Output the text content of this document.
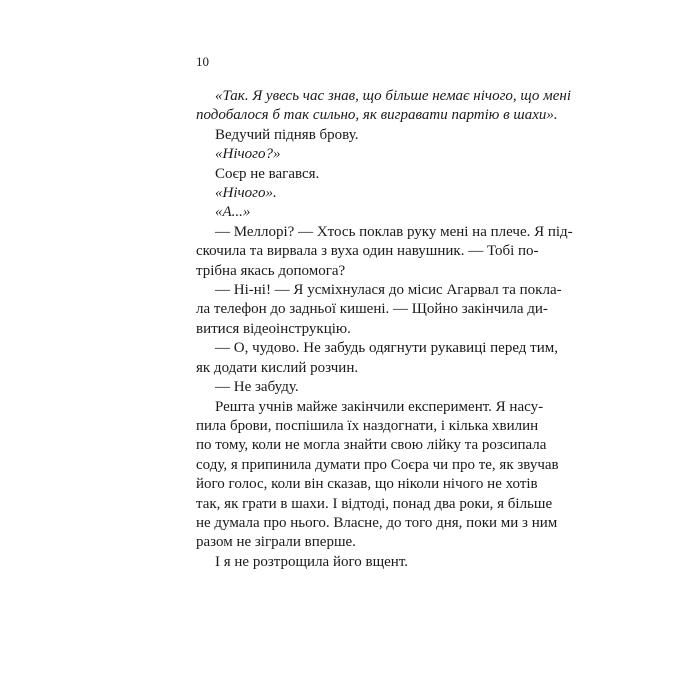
10
«Так. Я увесь час знав, що більше немає нічого, що мені
подобалося б так сильно, як вигравати партію в шахи».
Ведучий підняв брову.
«Нічого?»
Соєр не вагався.
«Нічого».
«А...»
— Меллорі? — Хтось поклав руку мені на плече. Я під-
скочила та вирвала з вуха один навушник. — Тобі по-
трібна якась допомога?
— Ні-ні! — Я усміхнулася до місис Агарвал та покла-
ла телефон до задньої кишені. — Щойно закінчила ди-
витися відеоінструкцію.
— О, чудово. Не забудь одягнути рукавиці перед тим,
як додати кислий розчин.
— Не забуду.
Решта учнів майже закінчили експеримент. Я насу-
пила брови, поспішила їх наздогнати, і кілька хвилин
по тому, коли не могла знайти свою лійку та розсипала
соду, я припинила думати про Соєра чи про те, як звучав
його голос, коли він сказав, що ніколи нічого не хотів
так, як грати в шахи. І відтоді, понад два роки, я більше
не думала про нього. Власне, до того дня, поки ми з ним
разом не зіграли вперше.
І я не розтрощила його вщент.
